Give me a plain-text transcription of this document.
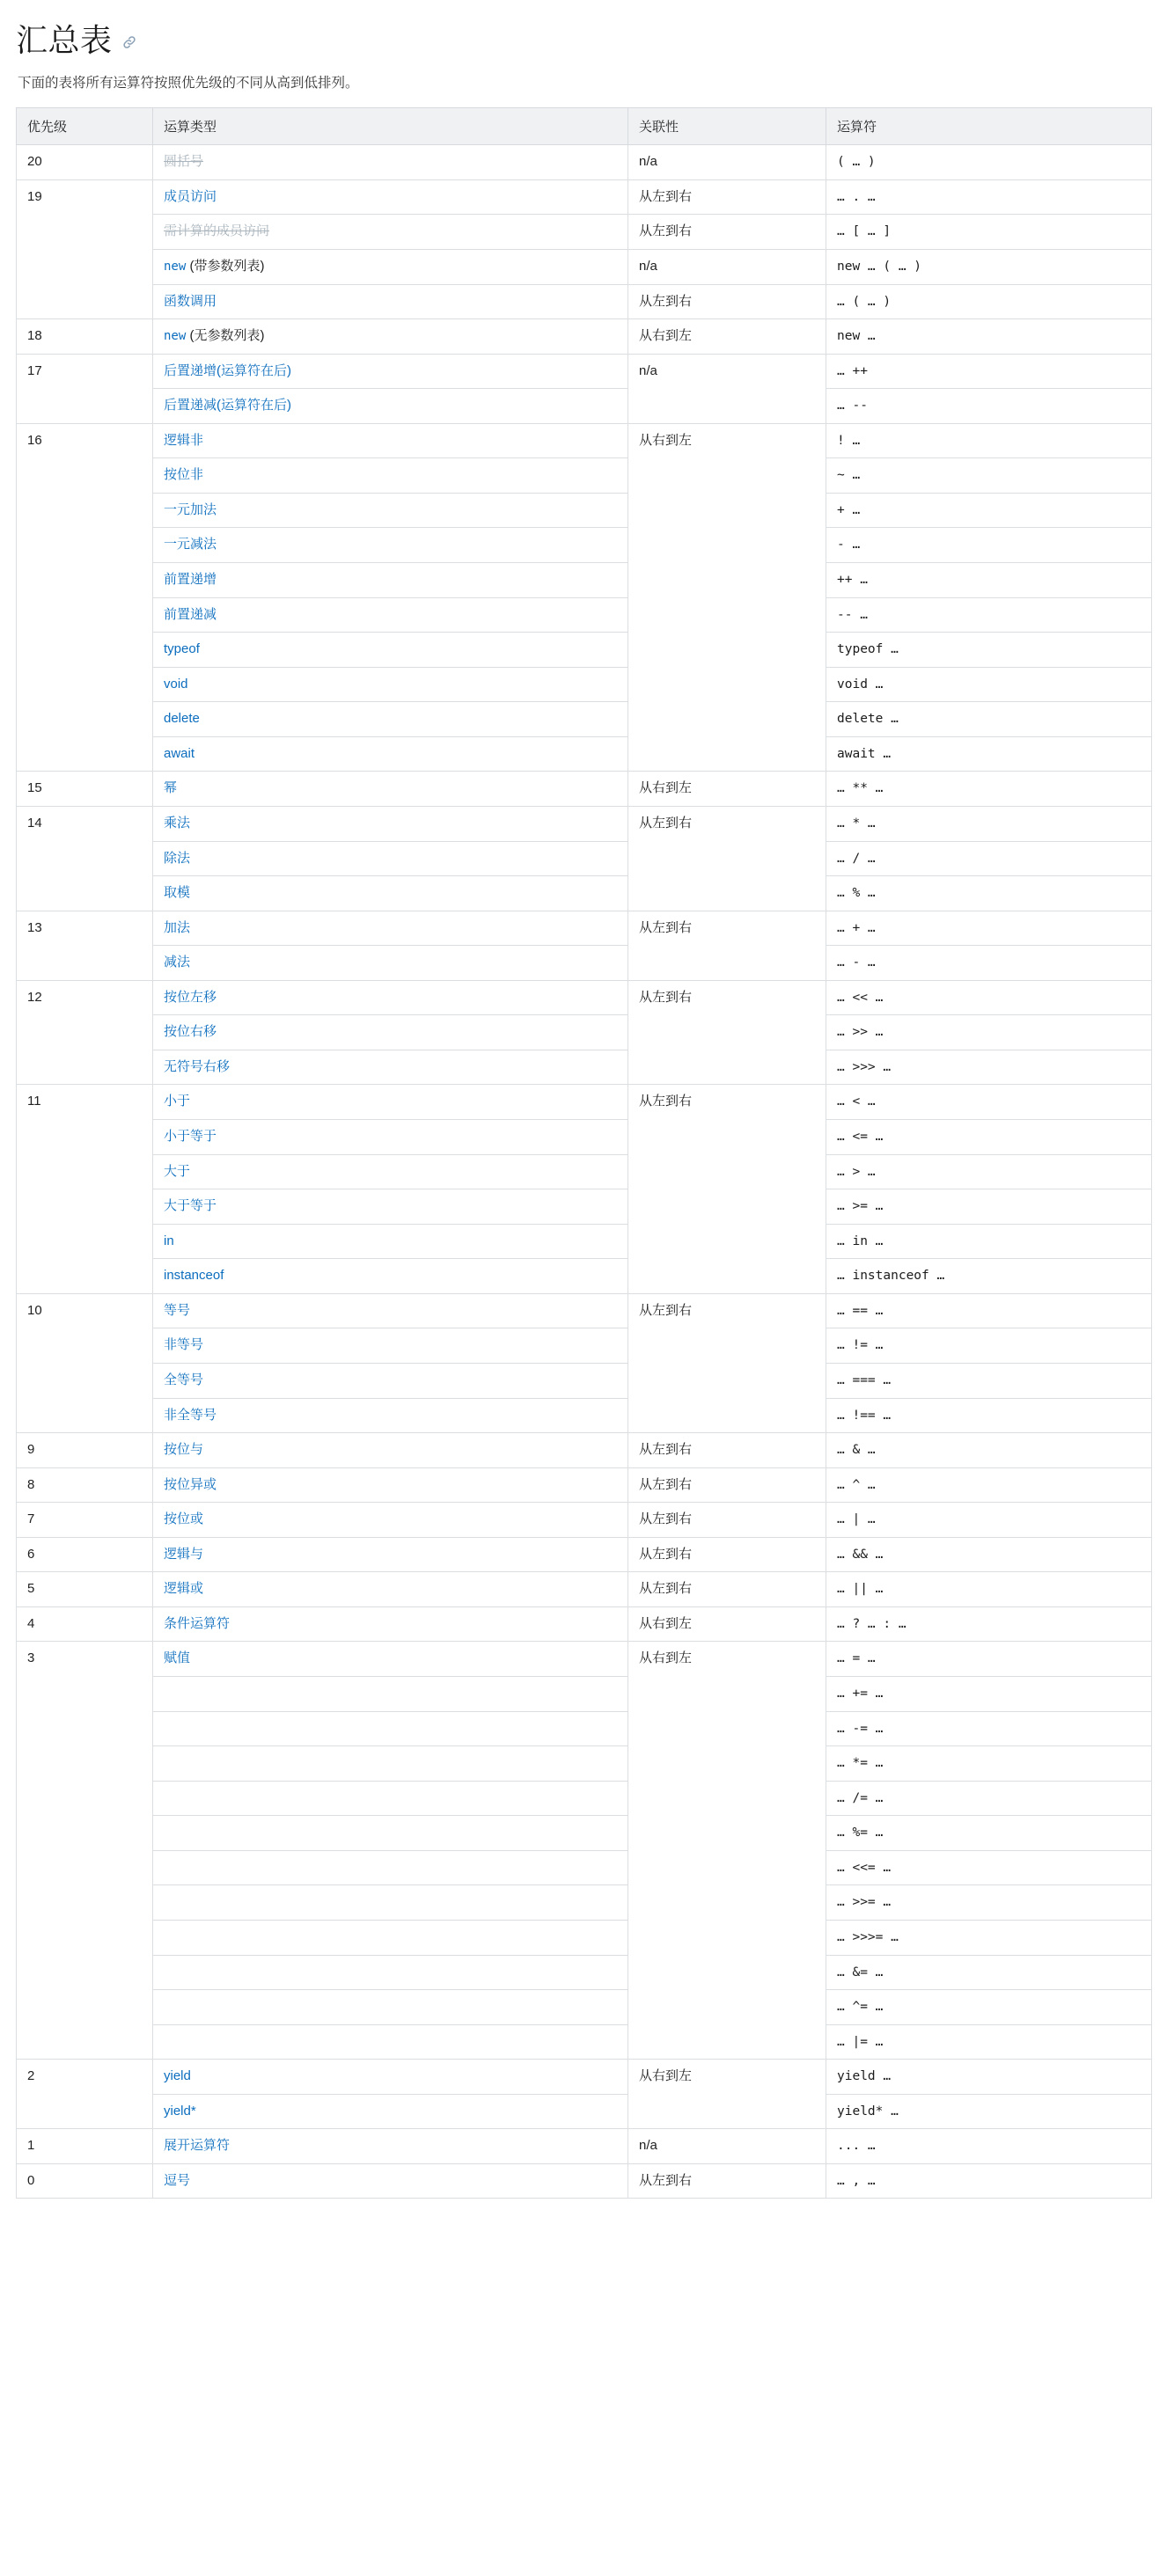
汇总表

下面的表将所有运算符按照优先级的不同从高到低排列。

优先级	运算类型	关联性	运算符
20	圆括号	n/a	( … )
19	成员访问	从左到右	… . …
	需计算的成员访问	从左到右	… [ … ]
	new (带参数列表)	n/a	new … ( … )
	函数调用	从左到右	… ( … )
18	new (无参数列表)	从右到左	new …
17	后置递增(运算符在后)	n/a	… ++
	后置递减(运算符在后)		… --
16	逻辑非	从右到左	! …
	按位非		~ …
	一元加法		+ …
	一元减法		- …
	前置递增		++ …
	前置递减		-- …
	typeof		typeof …
	void		void …
	delete		delete …
	await		await …
15	幂	从右到左	… ** …
14	乘法	从左到右	… * …
	除法		… / …
	取模		… % …
13	加法	从左到右	… + …
	减法		… - …
12	按位左移	从左到右	… << …
	按位右移		… >> …
	无符号右移		… >>> …
11	小于	从左到右	… < …
	小于等于		… <= …
	大于		… > …
	大于等于		… >= …
	in		… in …
	instanceof		… instanceof …
10	等号	从左到右	… == …
	非等号		… != …
	全等号		… === …
	非全等号		… !== …
9	按位与	从左到右	… & …
8	按位异或	从左到右	… ^ …
7	按位或	从左到右	… | …
6	逻辑与	从左到右	… && …
5	逻辑或	从左到右	… || …
4	条件运算符	从右到左	… ? … : …
3	赋值	从右到左	… = …
			… += …
			… -= …
			… *= …
			… /= …
			… %= …
			… <<= …
			… >>= …
			… >>>= …
			… &= …
			… ^= …
			… |= …
2	yield	从右到左	yield …
	yield*		yield* …
1	展开运算符	n/a	... …
0	逗号	从左到右	… , …
